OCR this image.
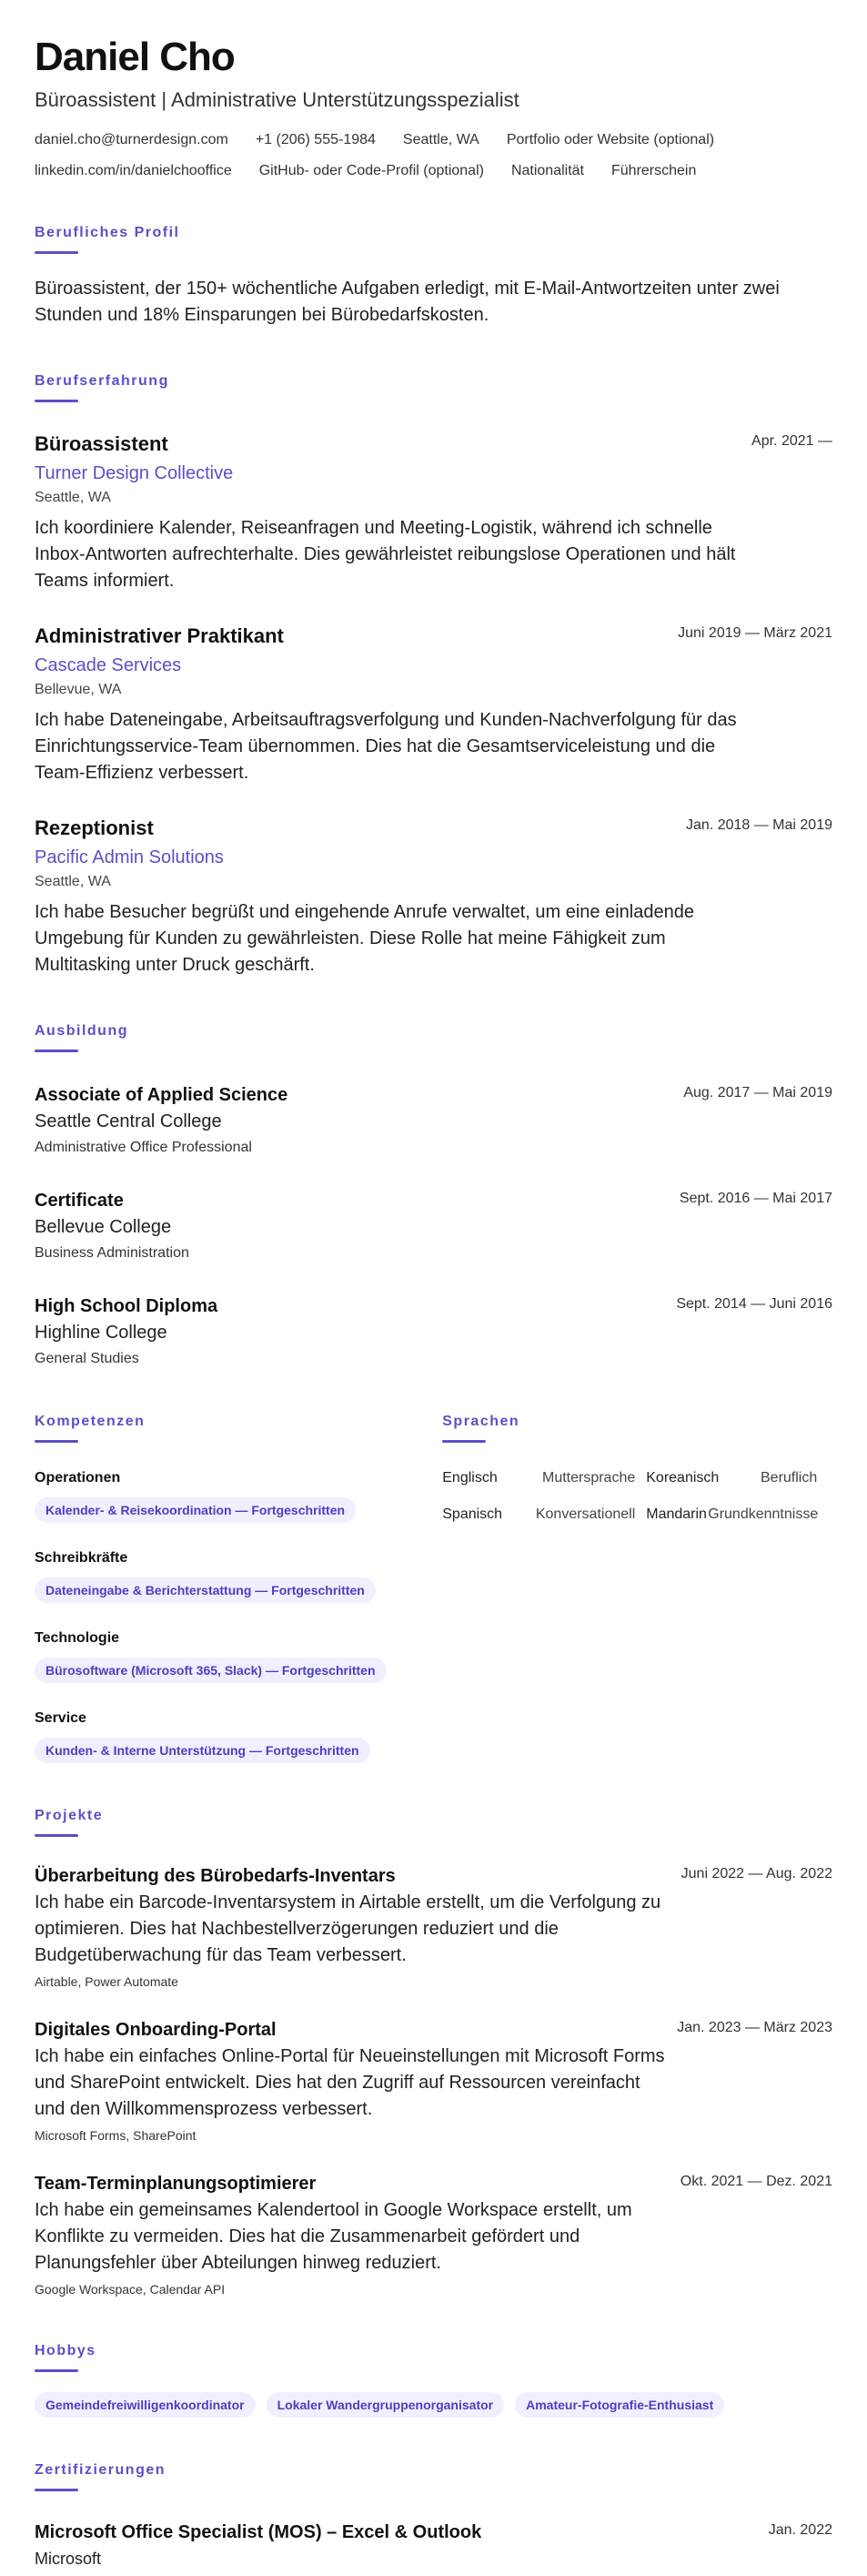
Daniel Cho
Büroassistent | Administrative Unterstützungsspezialist
daniel.cho@turnerdesign.com +1 (206) 555-1984 Seattle, WA Portfolio oder Website (optional)
linkedin.com/in/danielchooffice GitHub- oder Code-Profil (optional) Nationalität Führerschein
Berufliches Profil

Büroassistent, der 150+ wöchentliche Aufgaben erledigt, mit E-Mail-Antwortzeiten unter zwei Stunden und 18% Einsparungen bei Bürobedarfskosten.

Berufserfahrung
Apr. 2021 —
Büroassistent
Turner Design Collective
Seattle, WA

Ich koordiniere Kalender, Reiseanfragen und Meeting-Logistik, während ich schnelle Inbox-Antworten aufrechterhalte. Dies gewährleistet reibungslose Operationen und hält Teams informiert.

Juni 2019 — März 2021
Administrativer Praktikant
Cascade Services
Bellevue, WA

Ich habe Dateneingabe, Arbeitsauftragsverfolgung und Kunden-Nachverfolgung für das Einrichtungsservice-Team übernommen. Dies hat die Gesamtserviceleistung und die Team-Effizienz verbessert.

Jan. 2018 — Mai 2019
Rezeptionist
Pacific Admin Solutions
Seattle, WA

Ich habe Besucher begrüßt und eingehende Anrufe verwaltet, um eine einladende Umgebung für Kunden zu gewährleisten. Diese Rolle hat meine Fähigkeit zum Multitasking unter Druck geschärft.

Ausbildung
Aug. 2017 — Mai 2019
Associate of Applied Science
Seattle Central College
Administrative Office Professional
Sept. 2016 — Mai 2017
Certificate
Bellevue College
Business Administration
Sept. 2014 — Juni 2016
High School Diploma
Highline College
General Studies
Kompetenzen
Operationen
Kalender- & Reisekoordination — Fortgeschritten
Schreibkräfte
Dateneingabe & Berichterstattung — Fortgeschritten
Technologie
Bürosoftware (Microsoft 365, Slack) — Fortgeschritten
Service
Kunden- & Interne Unterstützung — Fortgeschritten
Sprachen
Englisch	Muttersprache Koreanisch	Beruflich
Spanisch	Konversationell Mandarin Grundkenntnisse
Projekte
Juni 2022 — Aug. 2022
Überarbeitung des Bürobedarfs-Inventars

Ich habe ein Barcode-Inventarsystem in Airtable erstellt, um die Verfolgung zu optimieren. Dies hat Nachbestellverzögerungen reduziert und die Budgetüberwachung für das Team verbessert.

Airtable, Power Automate
Jan. 2023 — März 2023
Digitales Onboarding-Portal

Ich habe ein einfaches Online-Portal für Neueinstellungen mit Microsoft Forms und SharePoint entwickelt. Dies hat den Zugriff auf Ressourcen vereinfacht und den Willkommensprozess verbessert.

Microsoft Forms, SharePoint
Okt. 2021 — Dez. 2021
Team-Terminplanungsoptimierer

Ich habe ein gemeinsames Kalendertool in Google Workspace erstellt, um Konflikte zu vermeiden. Dies hat die Zusammenarbeit gefördert und Planungsfehler über Abteilungen hinweg reduziert.

Google Workspace, Calendar API
Hobbys
Gemeindefreiwilligenkoordinator	Lokaler Wandergruppenorganisator	Amateur-Fotografie-Enthusiast
Zertifizierungen
Jan. 2022
Microsoft Office Specialist (MOS) – Excel & Outlook
Microsoft
